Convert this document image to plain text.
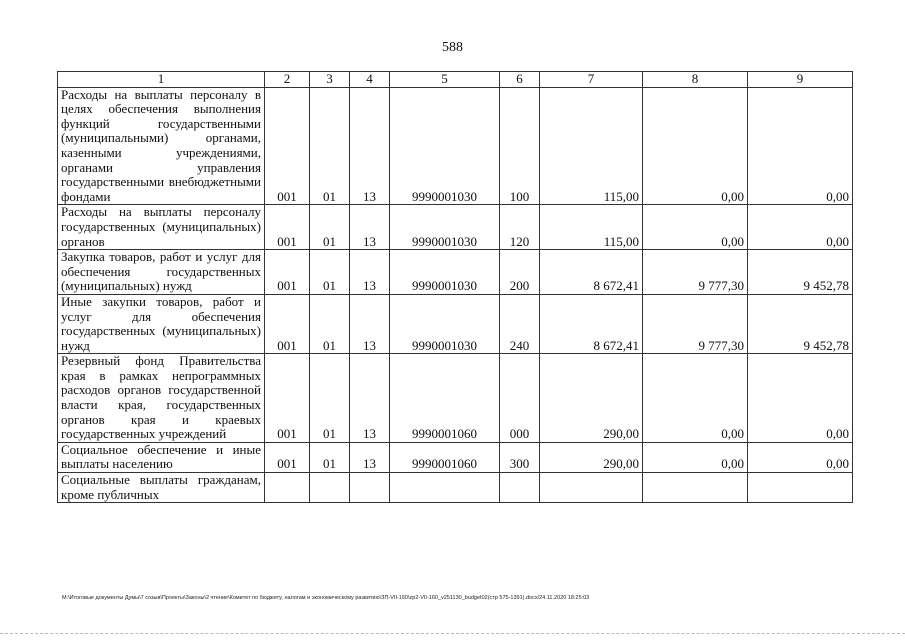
588
1	2	3	4	5	6	7	8	9
Расходы на выплаты персоналу в целях обеспечения выполнения функций государственными (муниципальными) органами, казенными учреждениями, органами управления государственными внебюджетными фондами	001	01	13	9990001030	100	115,00	0,00	0,00
Расходы на выплаты персоналу государственных (муниципальных) органов	001	01	13	9990001030	120	115,00	0,00	0,00
Закупка товаров, работ и услуг для обеспечения государственных (муниципальных) нужд	001	01	13	9990001030	200	8 672,41	9 777,30	9 452,78
Иные закупки товаров, работ и услуг для обеспечения государственных (муниципальных) нужд	001	01	13	9990001030	240	8 672,41	9 777,30	9 452,78
Резервный фонд Правительства края в рамках непрограммных расходов органов государственной власти края, государственных органов края и краевых государственных учреждений	001	01	13	9990001060	000	290,00	0,00	0,00
Социальное обеспечение и иные выплаты населению	001	01	13	9990001060	300	290,00	0,00	0,00
Социальные выплаты гражданам, кроме публичных								
M:\Итоговые документы Думы\7 созыв\Проекты\Законы\2 чтение\Комитет по бюджету, налогам и экономическому развитию\ЗП-VII-160\zp2-VII-160_v251130_budget02(стр 575-1391).docx/24.11.2020 18:25:03
